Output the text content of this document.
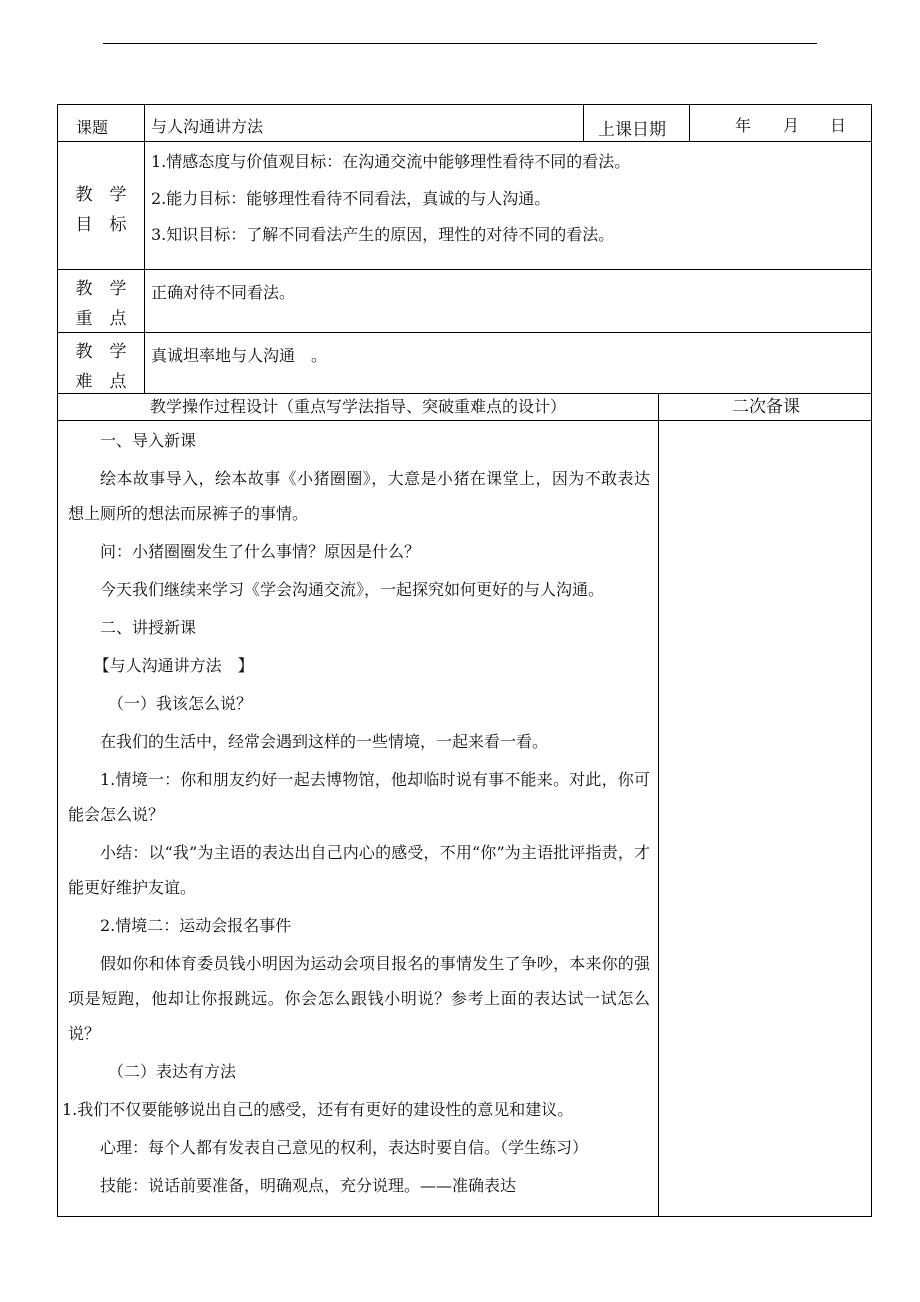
课题	与人沟通讲方法	上课日期	年 月 日
教　学
目　标
1.情感态度与价值观目标：在沟通交流中能够理性看待不同的看法。
2.能力目标：能够理性看待不同看法，真诚的与人沟通。
3.知识目标：了解不同看法产生的原因，理性的对待不同的看法。
教　学
重　点
正确对待不同看法。
教　学
难　点
真诚坦率地与人沟通　。
教学操作过程设计（重点写学法指导、突破重难点的设计）	二次备课

一、导入新课

绘本故事导入，绘本故事《小猪圈圈》，大意是小猪在课堂上，因为不敢表达想上厕所的想法而尿裤子的事情。

问：小猪圈圈发生了什么事情？原因是什么？

今天我们继续来学习《学会沟通交流》，一起探究如何更好的与人沟通。

二、讲授新课

【与人沟通讲方法　】

（一）我该怎么说？

在我们的生活中，经常会遇到这样的一些情境，一起来看一看。

1.情境一：你和朋友约好一起去博物馆，他却临时说有事不能来。对此，你可能会怎么说？

小结：以“我”为主语的表达出自己内心的感受，不用“你”为主语批评指责，才能更好维护友谊。

2.情境二：运动会报名事件

假如你和体育委员钱小明因为运动会项目报名的事情发生了争吵，本来你的强项是短跑，他却让你报跳远。你会怎么跟钱小明说？参考上面的表达试一试怎么说？

（二）表达有方法

1.我们不仅要能够说出自己的感受，还有有更好的建设性的意见和建议。

心理：每个人都有发表自己意见的权利，表达时要自信。（学生练习）

技能：说话前要准备，明确观点，充分说理。——准确表达
